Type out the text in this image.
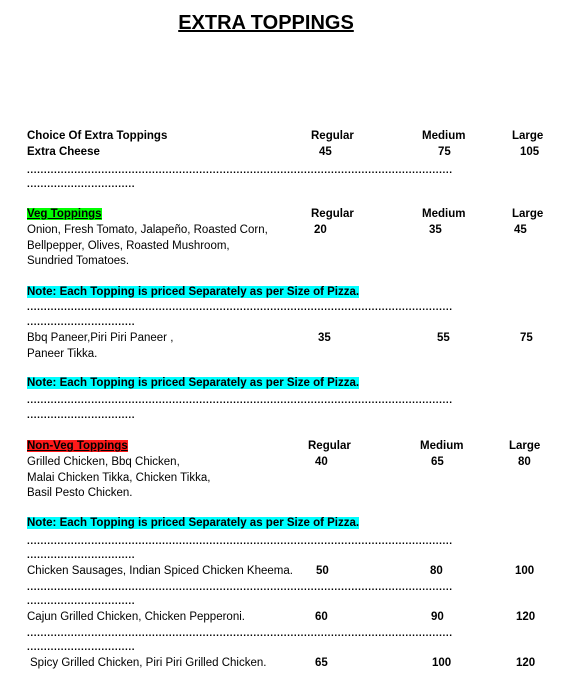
EXTRA TOPPINGS
Choice Of Extra Toppings	Regular	Medium	Large
Extra Cheese	45	75	105
..............................................................................................................................
................................
Veg Toppings	Regular	Medium	Large
Onion, Fresh Tomato, Jalapeño, Roasted Corn,
Bellpepper, Olives, Roasted Mushroom,
Sundried Tomatoes.
20	35	45
Note: Each Topping is priced Separately as per Size of Pizza.
..............................................................................................................................
................................
Bbq Paneer,Piri Piri Paneer ,
Paneer Tikka.
35	55	75
Note: Each Topping is priced Separately as per Size of Pizza.
..............................................................................................................................
................................
Non-Veg Toppings	Regular	Medium	Large
Grilled Chicken, Bbq Chicken,
Malai Chicken Tikka, Chicken Tikka,
Basil Pesto Chicken.
40	65	80
Note: Each Topping is priced Separately as per Size of Pizza.
..............................................................................................................................
................................
Chicken Sausages, Indian Spiced Chicken Kheema. 50	80	100
..............................................................................................................................
................................
Cajun Grilled Chicken, Chicken Pepperoni.	60	90	120
..............................................................................................................................
................................
Spicy Grilled Chicken, Piri Piri Grilled Chicken.	65	100	120
